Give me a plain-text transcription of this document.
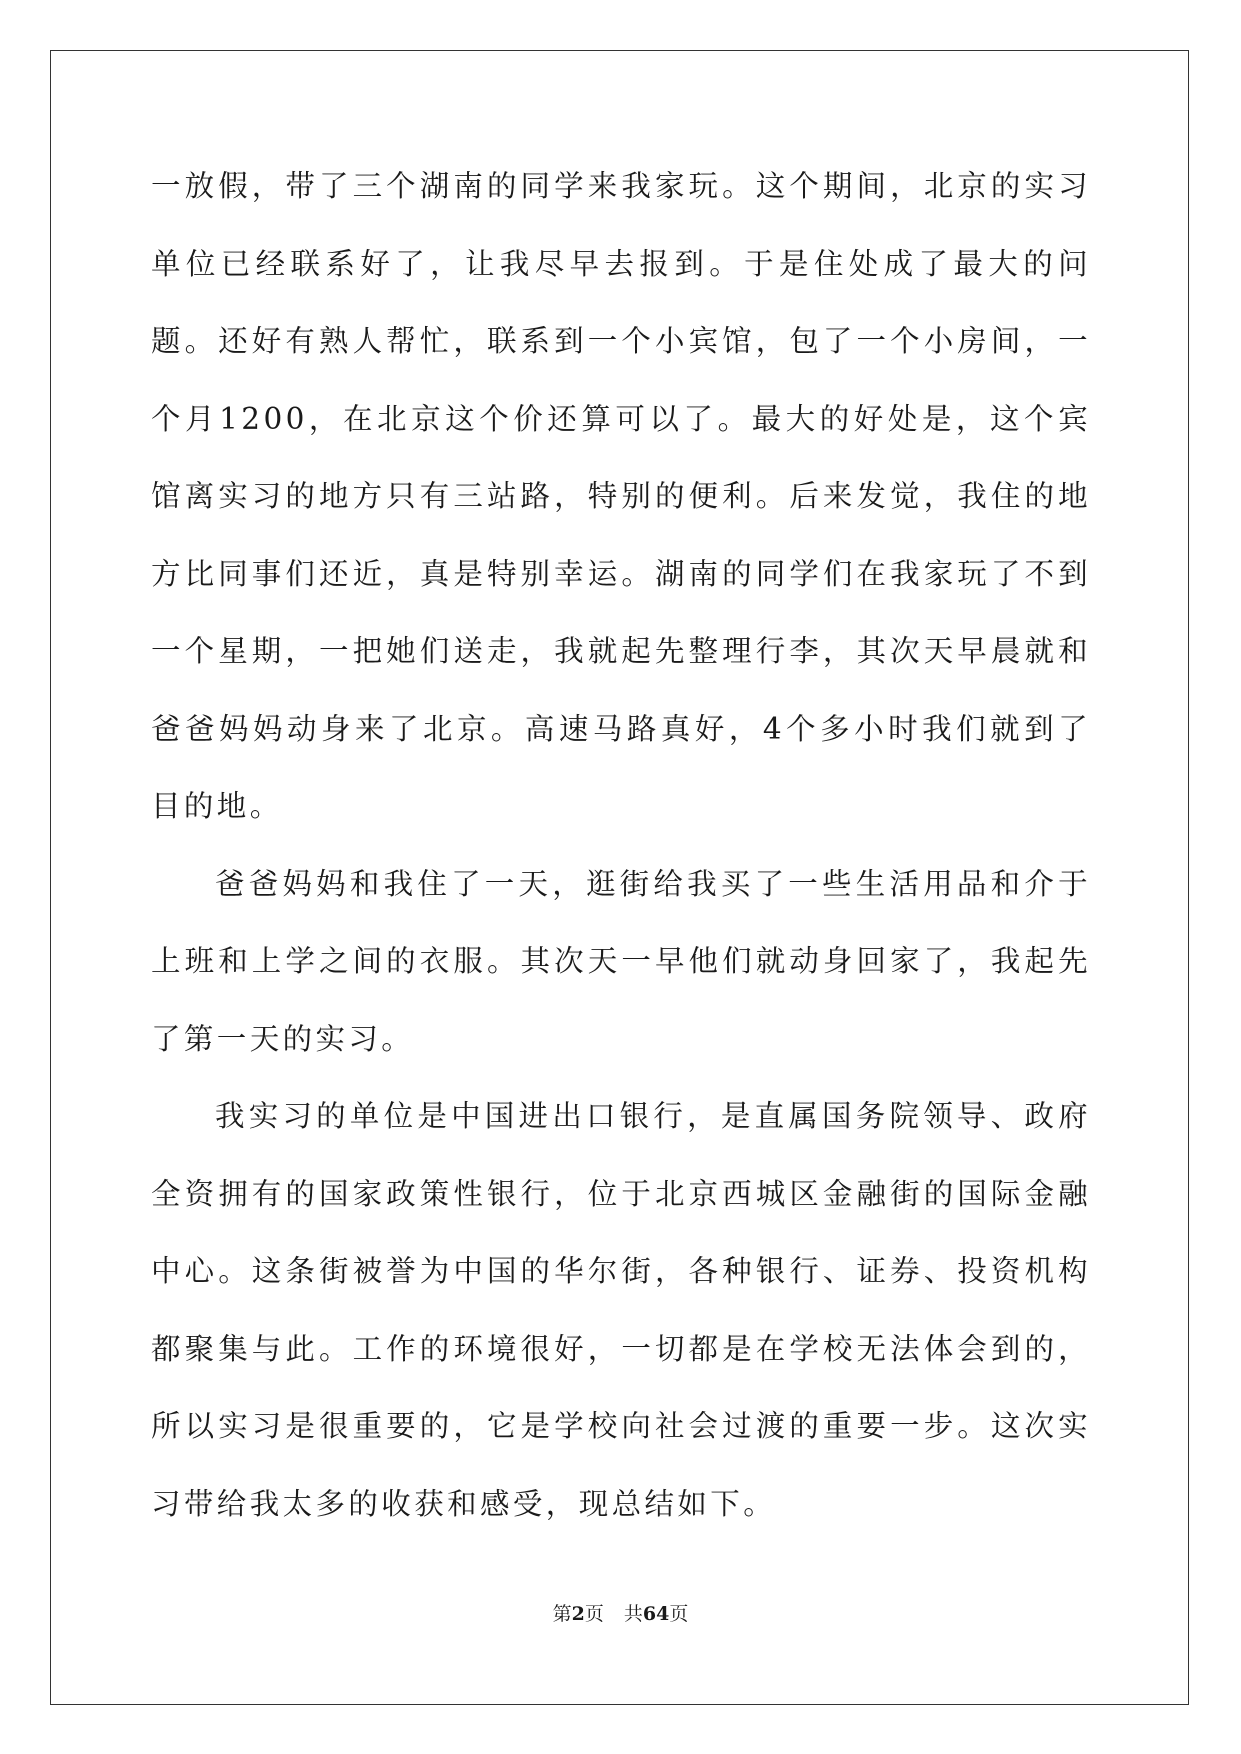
一放假，带了三个湖南的同学来我家玩。这个期间，北京的实习单位已经联系好了，让我尽早去报到。于是住处成了最大的问题。还好有熟人帮忙，联系到一个小宾馆，包了一个小房间，一个月1200，在北京这个价还算可以了。最大的好处是，这个宾馆离实习的地方只有三站路，特别的便利。后来发觉，我住的地方比同事们还近，真是特别幸运。湖南的同学们在我家玩了不到一个星期，一把她们送走，我就起先整理行李，其次天早晨就和爸爸妈妈动身来了北京。高速马路真好，4个多小时我们就到了目的地。

爸爸妈妈和我住了一天，逛街给我买了一些生活用品和介于上班和上学之间的衣服。其次天一早他们就动身回家了，我起先了第一天的实习。

我实习的单位是中国进出口银行，是直属国务院领导、政府全资拥有的国家政策性银行，位于北京西城区金融街的国际金融中心。这条街被誉为中国的华尔街，各种银行、证券、投资机构都聚集与此。工作的环境很好，一切都是在学校无法体会到的，所以实习是很重要的，它是学校向社会过渡的重要一步。这次实习带给我太多的收获和感受，现总结如下。

第2页 共64页
